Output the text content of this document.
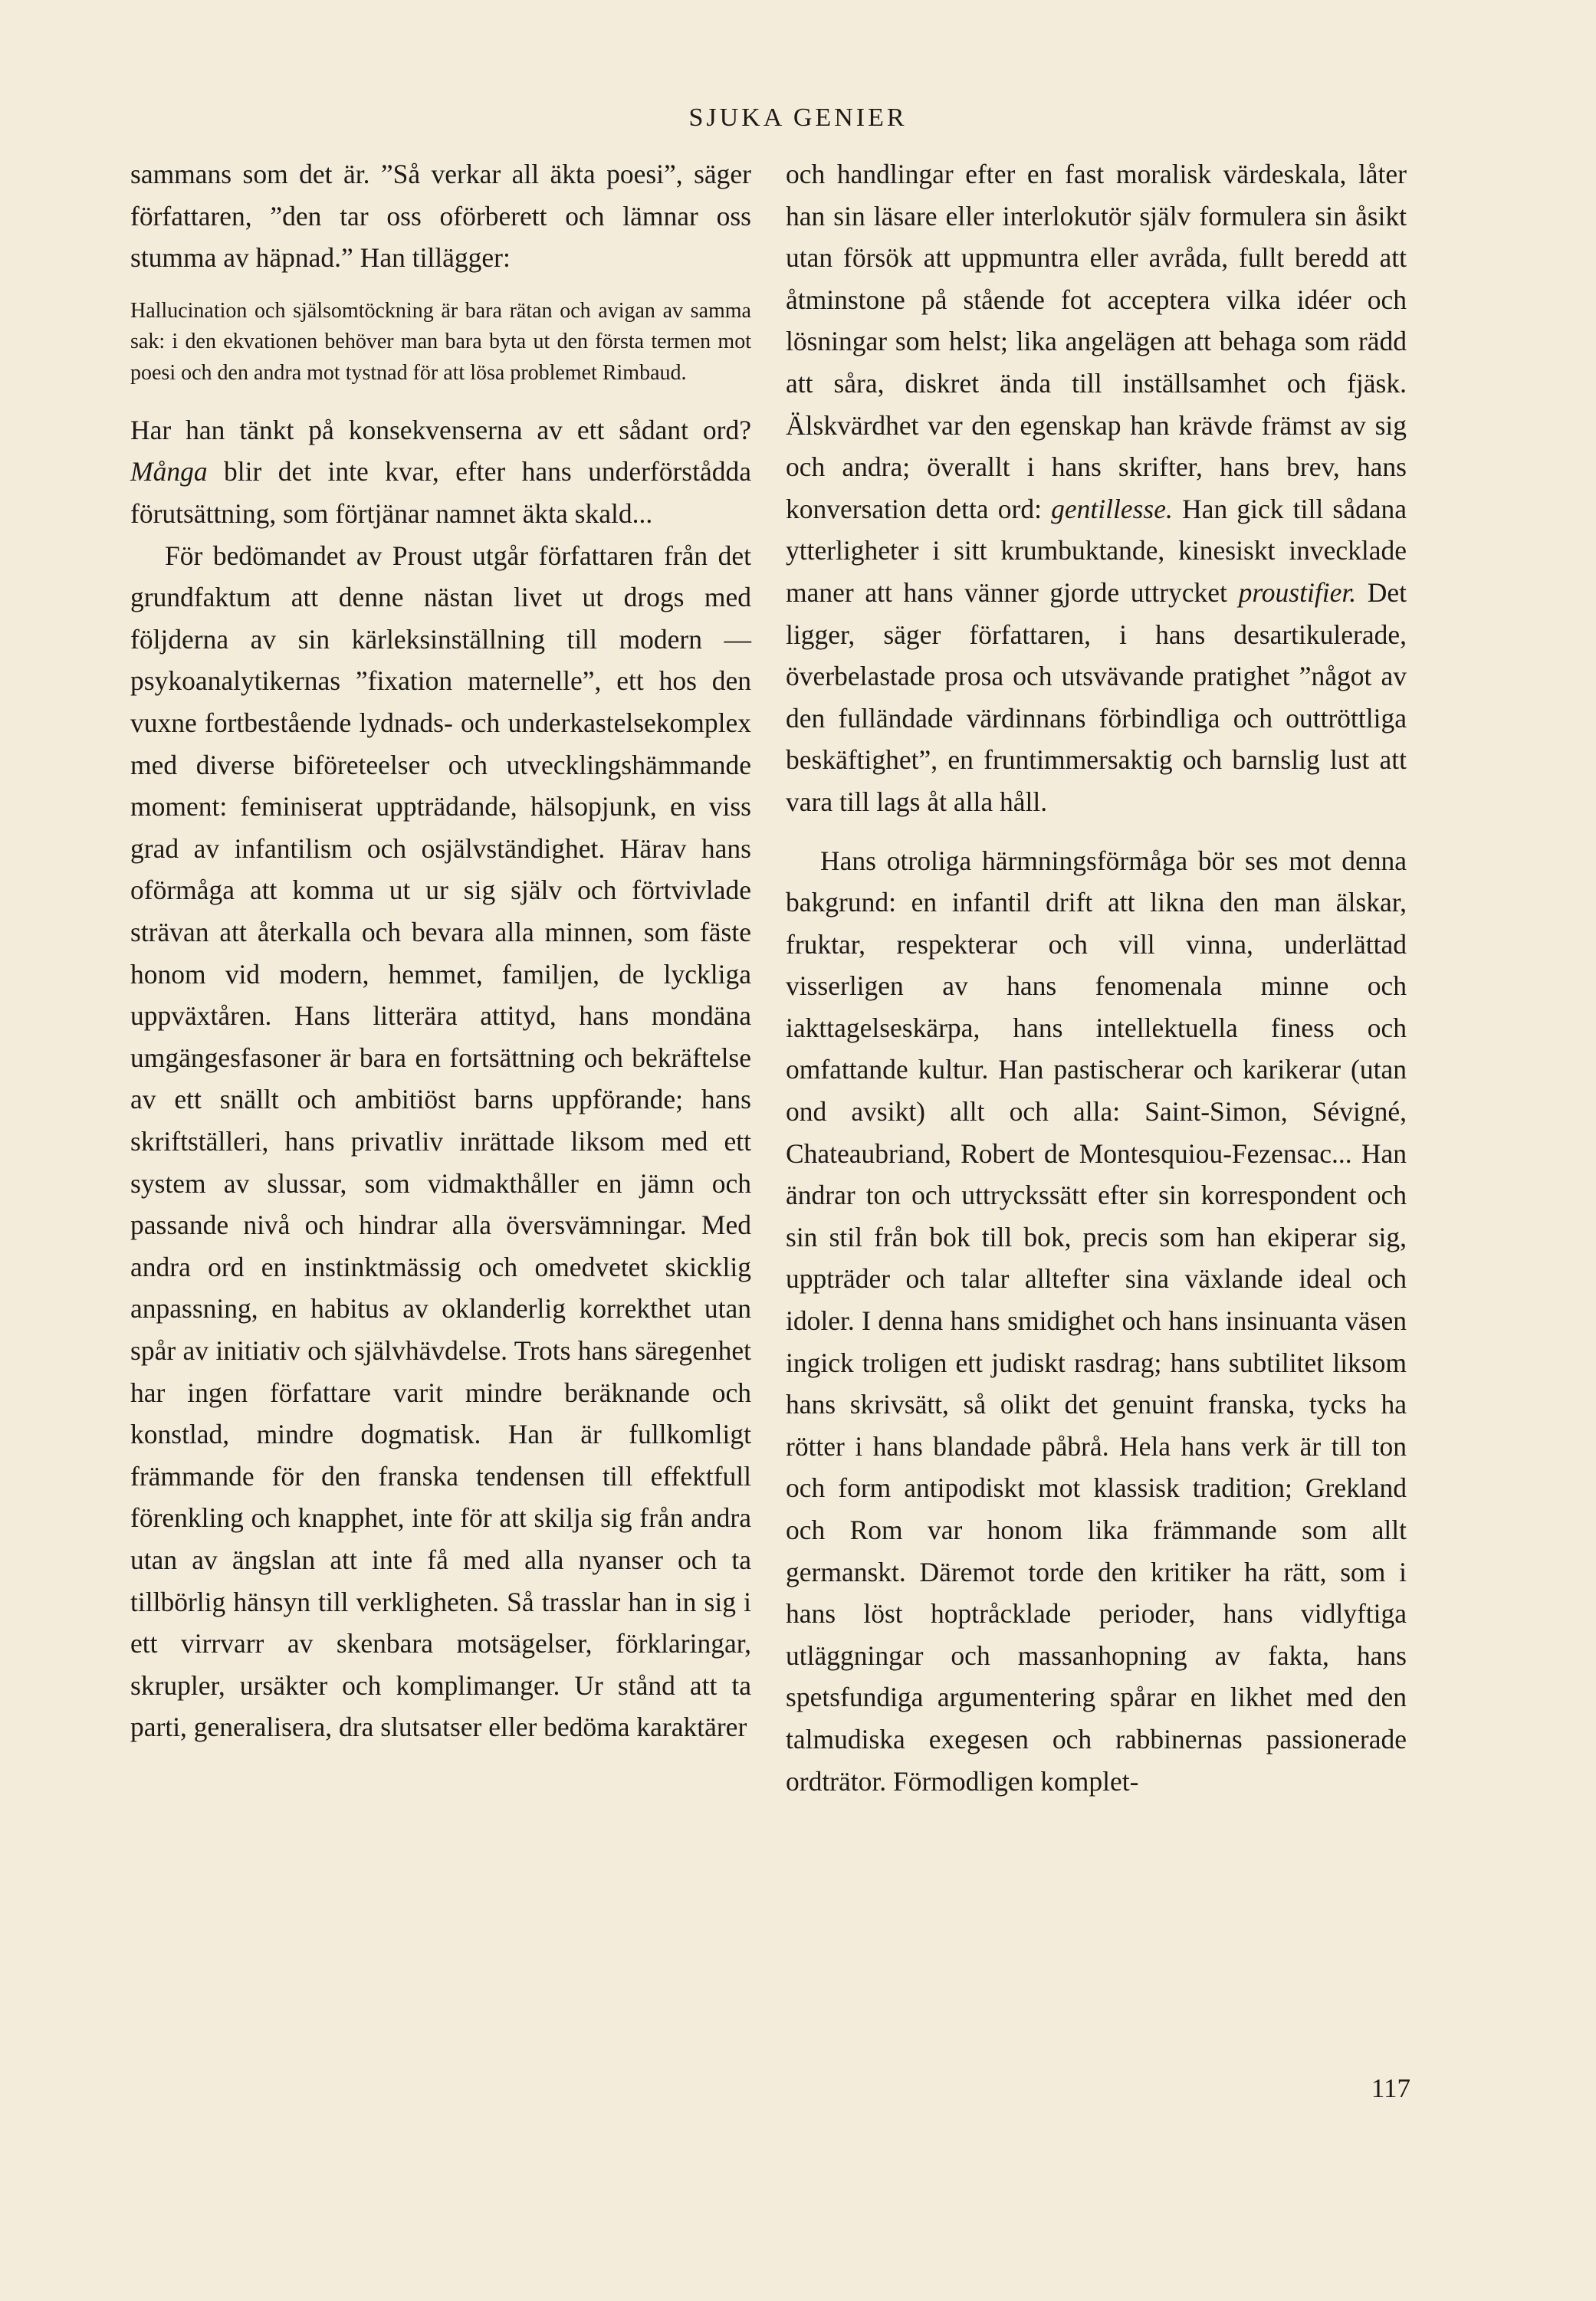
SJUKA GENIER

sammans som det är. ”Så verkar all äkta poesi”, säger författaren, ”den tar oss oförberett och lämnar oss stumma av häpnad.” Han tillägger:

Hallucination och själsomtöckning är bara rätan och avigan av samma sak: i den ekvationen behöver man bara byta ut den första termen mot poesi och den andra mot tystnad för att lösa problemet Rimbaud.

Har han tänkt på konsekvenserna av ett sådant ord? Många blir det inte kvar, efter hans underförstådda förutsättning, som förtjänar namnet äkta skald...

För bedömandet av Proust utgår författaren från det grundfaktum att denne nästan livet ut drogs med följderna av sin kärleksinställning till modern — psykoanalytikernas ”fixation maternelle”, ett hos den vuxne fortbestående lydnads- och underkastelsekomplex med diverse biföreteelser och utvecklingshämmande moment: feminiserat uppträdande, hälsopjunk, en viss grad av infantilism och osjälvständighet. Härav hans oförmåga att komma ut ur sig själv och förtvivlade strävan att återkalla och bevara alla minnen, som fäste honom vid modern, hemmet, familjen, de lyckliga uppväxtåren. Hans litterära attityd, hans mondäna umgängesfasoner är bara en fortsättning och bekräftelse av ett snällt och ambitiöst barns uppförande; hans skriftställeri, hans privatliv inrättade liksom med ett system av slussar, som vidmakthåller en jämn och passande nivå och hindrar alla översvämningar. Med andra ord en instinktmässig och omedvetet skicklig anpassning, en habitus av oklanderlig korrekthet utan spår av initiativ och självhävdelse. Trots hans säregenhet har ingen författare varit mindre beräknande och konstlad, mindre dogmatisk. Han är fullkomligt främmande för den franska tendensen till effektfull förenkling och knapphet, inte för att skilja sig från andra utan av ängslan att inte få med alla nyanser och ta tillbörlig hänsyn till verkligheten. Så trasslar han in sig i ett virrvarr av skenbara motsägelser, förklaringar, skrupler, ursäkter och komplimanger. Ur stånd att ta parti, generalisera, dra slutsatser eller bedöma karaktärer

och handlingar efter en fast moralisk värdeskala, låter han sin läsare eller interlokutör själv formulera sin åsikt utan försök att uppmuntra eller avråda, fullt beredd att åtminstone på stående fot acceptera vilka idéer och lösningar som helst; lika angelägen att behaga som rädd att såra, diskret ända till inställsamhet och fjäsk. Älskvärdhet var den egenskap han krävde främst av sig och andra; överallt i hans skrifter, hans brev, hans konversation detta ord: gentillesse. Han gick till sådana ytterligheter i sitt krumbuktande, kinesiskt invecklade maner att hans vänner gjorde uttrycket proustifier. Det ligger, säger författaren, i hans desartikulerade, överbelastade prosa och utsvävande pratighet ”något av den fulländade värdinnans förbindliga och outtröttliga beskäftighet”, en fruntimmersaktig och barnslig lust att vara till lags åt alla håll.

Hans otroliga härmningsförmåga bör ses mot denna bakgrund: en infantil drift att likna den man älskar, fruktar, respekterar och vill vinna, underlättad visserligen av hans fenomenala minne och iakttagelseskärpa, hans intellektuella finess och omfattande kultur. Han pastischerar och karikerar (utan ond avsikt) allt och alla: Saint-Simon, Sévigné, Chateaubriand, Robert de Montesquiou-Fezensac... Han ändrar ton och uttryckssätt efter sin korrespondent och sin stil från bok till bok, precis som han ekiperar sig, uppträder och talar alltefter sina växlande ideal och idoler. I denna hans smidighet och hans insinuanta väsen ingick troligen ett judiskt rasdrag; hans subtilitet liksom hans skrivsätt, så olikt det genuint franska, tycks ha rötter i hans blandade påbrå. Hela hans verk är till ton och form antipodiskt mot klassisk tradition; Grekland och Rom var honom lika främmande som allt germanskt. Däremot torde den kritiker ha rätt, som i hans löst hoptråcklade perioder, hans vidlyftiga utläggningar och massanhopning av fakta, hans spetsfundiga argumentering spårar en likhet med den talmudiska exegesen och rabbinernas passionerade ordträtor. Förmodligen komplet-

117
